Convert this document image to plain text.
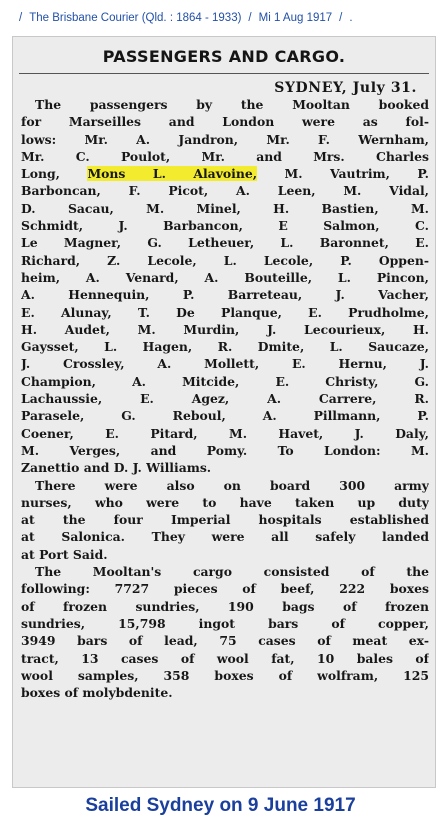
/ The Brisbane Courier (Qld. : 1864 - 1933) / Mi 1 Aug 1917 / .
PASSENGERS AND CARGO.
SYDNEY, July 31.
The passengers by the Mooltan booked
for Marseilles and London were as fol-
lows: Mr. A. Jandron, Mr. F. Wernham,
Mr. C. Poulot, Mr. and Mrs. Charles
Long, Mons L. Alavoine, M. Vautrim, P.
Barboncan, F. Picot, A. Leen, M. Vidal,
D. Sacau, M. Minel, H. Bastien, M.
Schmidt, J. Barbancon, E Salmon, C.
Le Magner, G. Letheuer, L. Baronnet, E.
Richard, Z. Lecole, L. Lecole, P. Oppen-
heim, A. Venard, A. Bouteille, L. Pincon,
A. Hennequin, P. Barreteau, J. Vacher,
E. Alunay, T. De Planque, E. Prudholme,
H. Audet, M. Murdin, J. Lecourieux, H.
Gaysset, L. Hagen, R. Dmite, L. Saucaze,
J. Crossley, A. Mollett, E. Hernu, J.
Champion, A. Mitcide, E. Christy, G.
Lachaussie, E. Agez, A. Carrere, R.
Parasele, G. Reboul, A. Pillmann, P.
Coener, E. Pitard, M. Havet, J. Daly,
M. Verges, and Pomy. To London: M.
Zanettio and D. J. Williams.
There were also on board 300 army
nurses, who were to have taken up duty
at the four Imperial hospitals established
at Salonica. They were all safely landed
at Port Said.
The Mooltan's cargo consisted of the
following: 7727 pieces of beef, 222 boxes
of frozen sundries, 190 bags of frozen
sundries, 15,798 ingot bars of copper,
3949 bars of lead, 75 cases of meat ex-
tract, 13 cases of wool fat, 10 bales of
wool samples, 358 boxes of wolfram, 125
boxes of molybdenite.
Sailed Sydney on 9 June 1917
